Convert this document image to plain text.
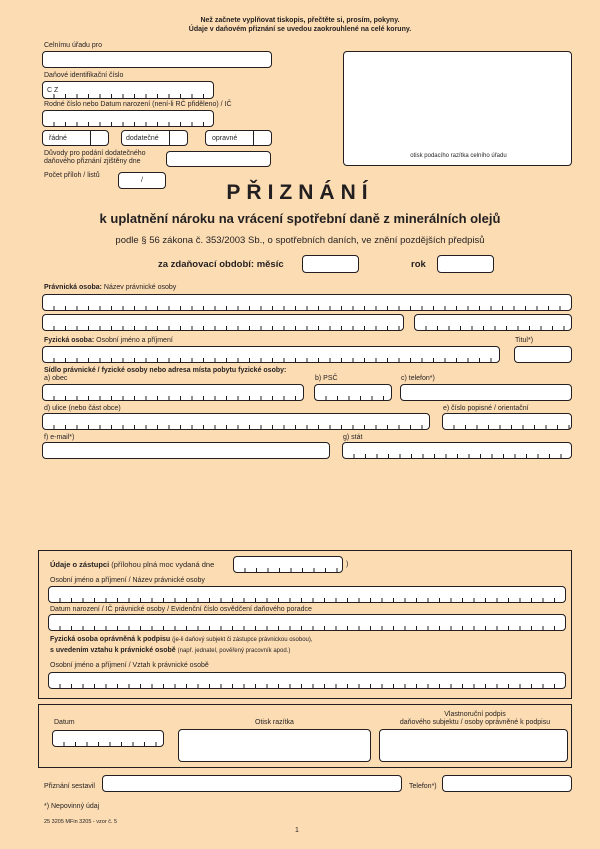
Než začnete vyplňovat tiskopis, přečtěte si, prosím, pokyny.
Údaje v daňovém přiznání se uvedou zaokrouhlené na celé koruny.
Celnímu úřadu pro
Daňové identifikační číslo
C Z
Rodné číslo nebo Datum narození (není-li RČ přiděleno) / IČ
řádné	dodatečné	opravné
Důvody pro podání dodatečného
daňového přiznání zjištěny dne
Počet příloh / listů
/
otisk podacího razítka celního úřadu
PŘIZNÁNÍ
k uplatnění nároku na vrácení spotřební daně z minerálních olejů
podle § 56 zákona č. 353/2003 Sb., o spotřebních daních, ve znění pozdějších předpisů
za zdaňovací období: měsíc	rok
Právnická osoba: Název právnické osoby
Fyzická osoba: Osobní jméno a příjmení	Titul*)
Sídlo právnické / fyzické osoby nebo adresa místa pobytu fyzické osoby:
a) obec	b) PSČ	c) telefon*)
d) ulice (nebo část obce)	e) číslo popisné / orientační
f) e-mail*)	g) stát
Údaje o zástupci (přílohou plná moc vydaná dne	)
Osobní jméno a příjmení / Název právnické osoby
Datum narození / IČ právnické osoby / Evidenční číslo osvědčení daňového poradce
Fyzická osoba oprávněná k podpisu (je-li daňový subjekt či zástupce právnickou osobou),
s uvedením vztahu k právnické osobě (např. jednatel, pověřený pracovník apod.)
Osobní jméno a příjmení / Vztah k právnické osobě
Datum	Otisk razítka
Vlastnoruční podpis
daňového subjektu / osoby oprávněné k podpisu
Přiznání sestavil	Telefon*)
*) Nepovinný údaj
25 3205 MFin 3205 - vzor č. 5
1
